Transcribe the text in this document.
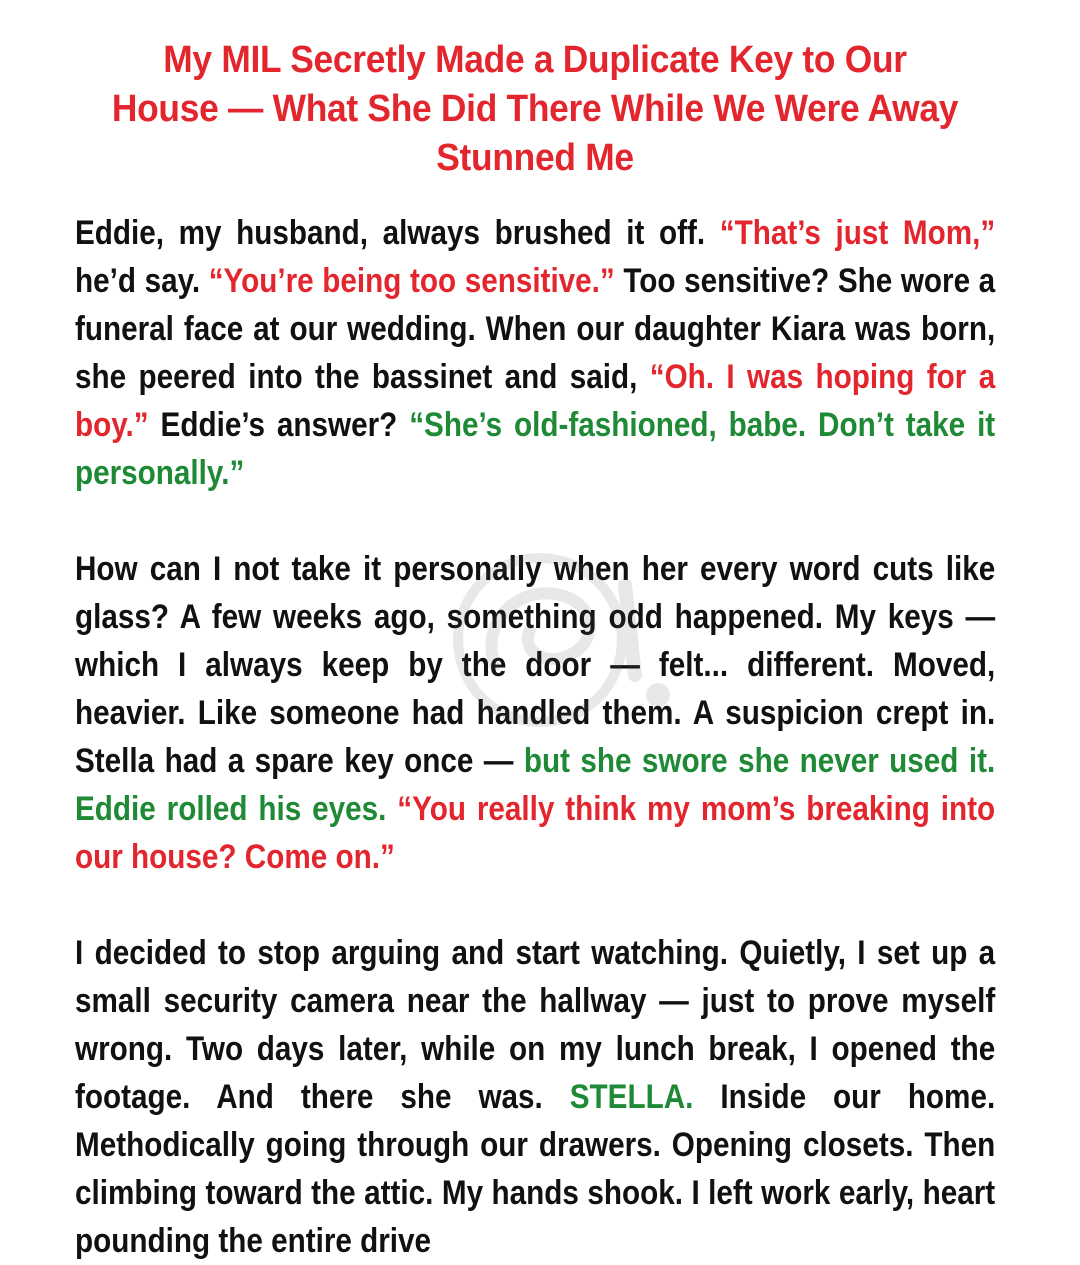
My MIL Secretly Made a Duplicate Key to Our
House — What She Did There While We Were Away
Stunned Me

Eddie, my husband, always brushed it off. “That’s just Mom,” he’d say. “You’re being too sensitive.” Too sensitive? She wore a funeral face at our wedding. When our daughter Kiara was born, she peered into the bassinet and said, “Oh. I was hoping for a boy.” Eddie’s answer? “She’s old-fashioned, babe. Don’t take it personally.”

How can I not take it personally when her every word cuts like glass? A few weeks ago, something odd happened. My keys — which I always keep by the door — felt... different. Moved, heavier. Like someone had handled them. A suspicion crept in. Stella had a spare key once — but she swore she never used it. Eddie rolled his eyes. “You really think my mom’s breaking into our house? Come on.”

I decided to stop arguing and start watching. Quietly, I set up a small security camera near the hallway — just to prove myself wrong. Two days later, while on my lunch break, I opened the footage. And there she was. STELLA. Inside our home. Methodically going through our drawers. Opening closets. Then climbing toward the attic. My hands shook. I left work early, heart pounding the entire drive
